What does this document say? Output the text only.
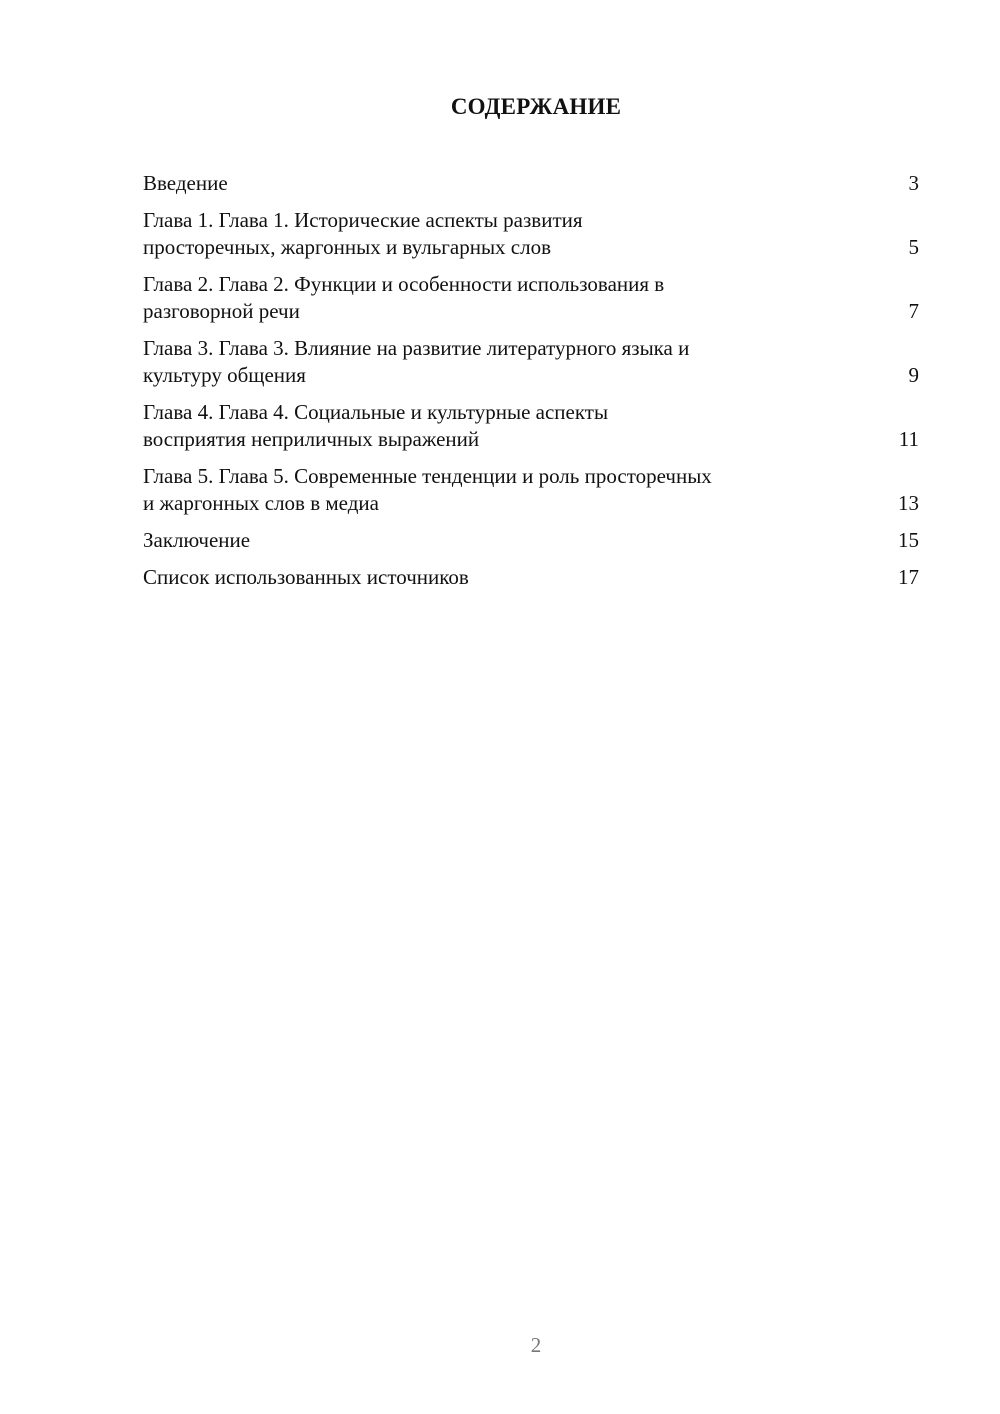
СОДЕРЖАНИЕ
Введение	3
Глава 1. Глава 1. Исторические аспекты развития
просторечных, жаргонных и вульгарных слов	5
Глава 2. Глава 2. Функции и особенности использования в
разговорной речи	7
Глава 3. Глава 3. Влияние на развитие литературного языка и
культуру общения	9
Глава 4. Глава 4. Социальные и культурные аспекты
восприятия неприличных выражений	11
Глава 5. Глава 5. Современные тенденции и роль просторечных
и жаргонных слов в медиа	13
Заключение	15
Список использованных источников	17
2
